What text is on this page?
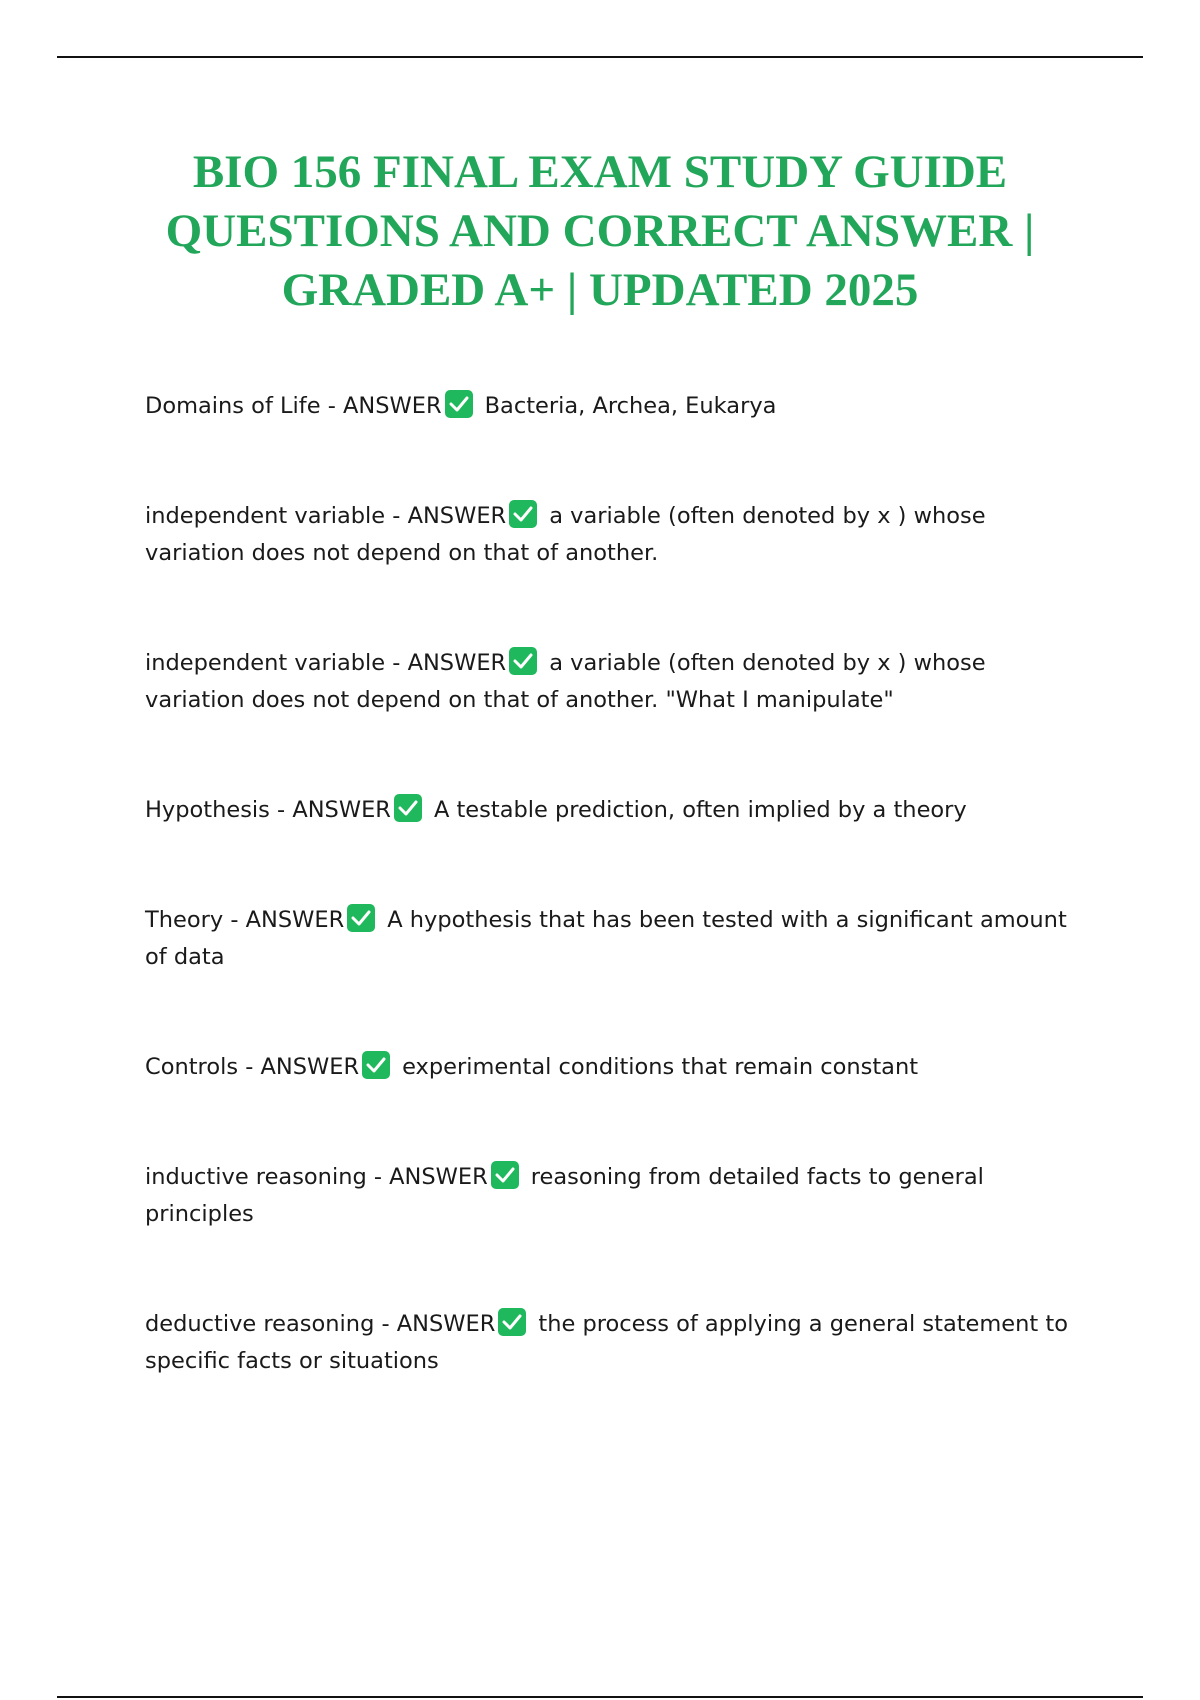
BIO 156 FINAL EXAM STUDY GUIDE
QUESTIONS AND CORRECT ANSWER |
GRADED A+ | UPDATED 2025
Domains of Life - ANSWER Bacteria, Archea, Eukarya
independent variable - ANSWER a variable (often denoted by x ) whose
variation does not depend on that of another.
independent variable - ANSWER a variable (often denoted by x ) whose
variation does not depend on that of another. "What I manipulate"
Hypothesis - ANSWER A testable prediction, often implied by a theory
Theory - ANSWER A hypothesis that has been tested with a significant amount
of data
Controls - ANSWER experimental conditions that remain constant
inductive reasoning - ANSWER reasoning from detailed facts to general
principles
deductive reasoning - ANSWER the process of applying a general statement to
specific facts or situations
